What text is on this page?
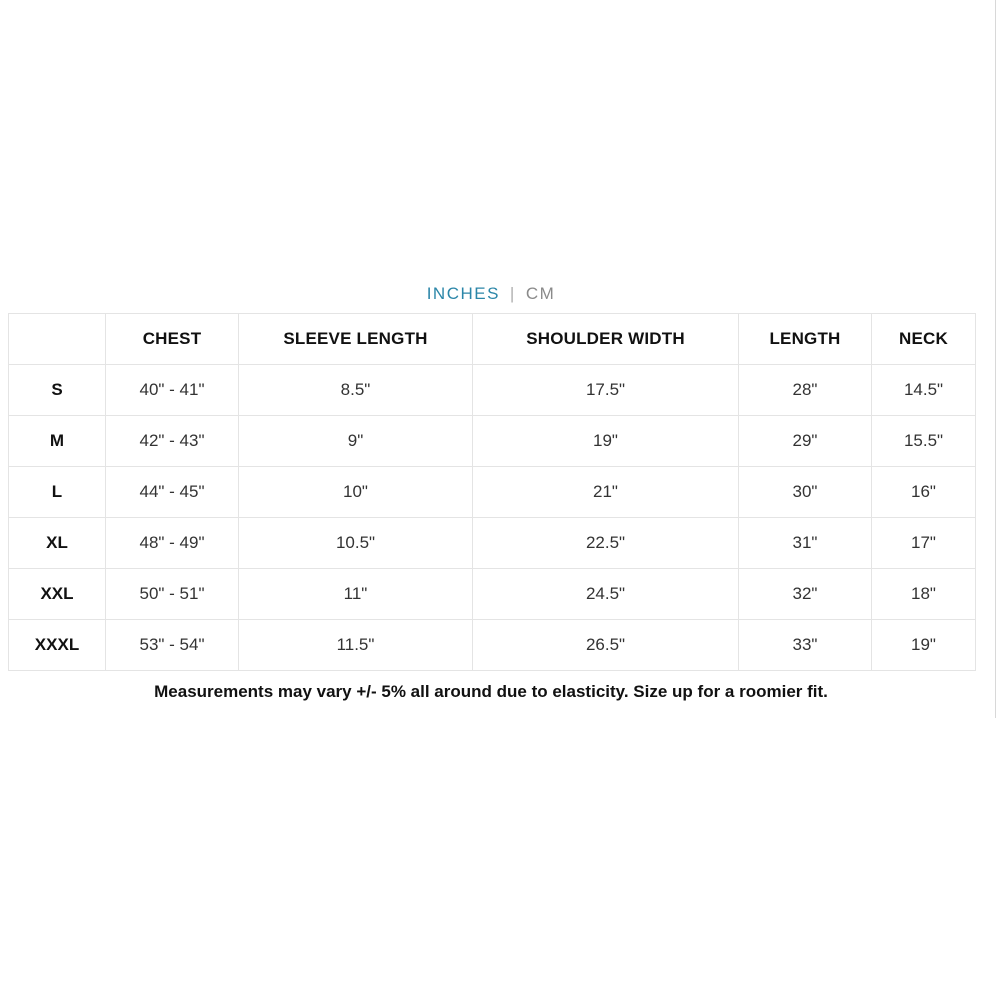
INCHES | CM
	CHEST	SLEEVE LENGTH	SHOULDER WIDTH	LENGTH	NECK
S	40" - 41"	8.5"	17.5"	28"	14.5"
M	42" - 43"	9"	19"	29"	15.5"
L	44" - 45"	10"	21"	30"	16"
XL	48" - 49"	10.5"	22.5"	31"	17"
XXL	50" - 51"	11"	24.5"	32"	18"
XXXL	53" - 54"	11.5"	26.5"	33"	19"
Measurements may vary +/- 5% all around due to elasticity. Size up for a roomier fit.
